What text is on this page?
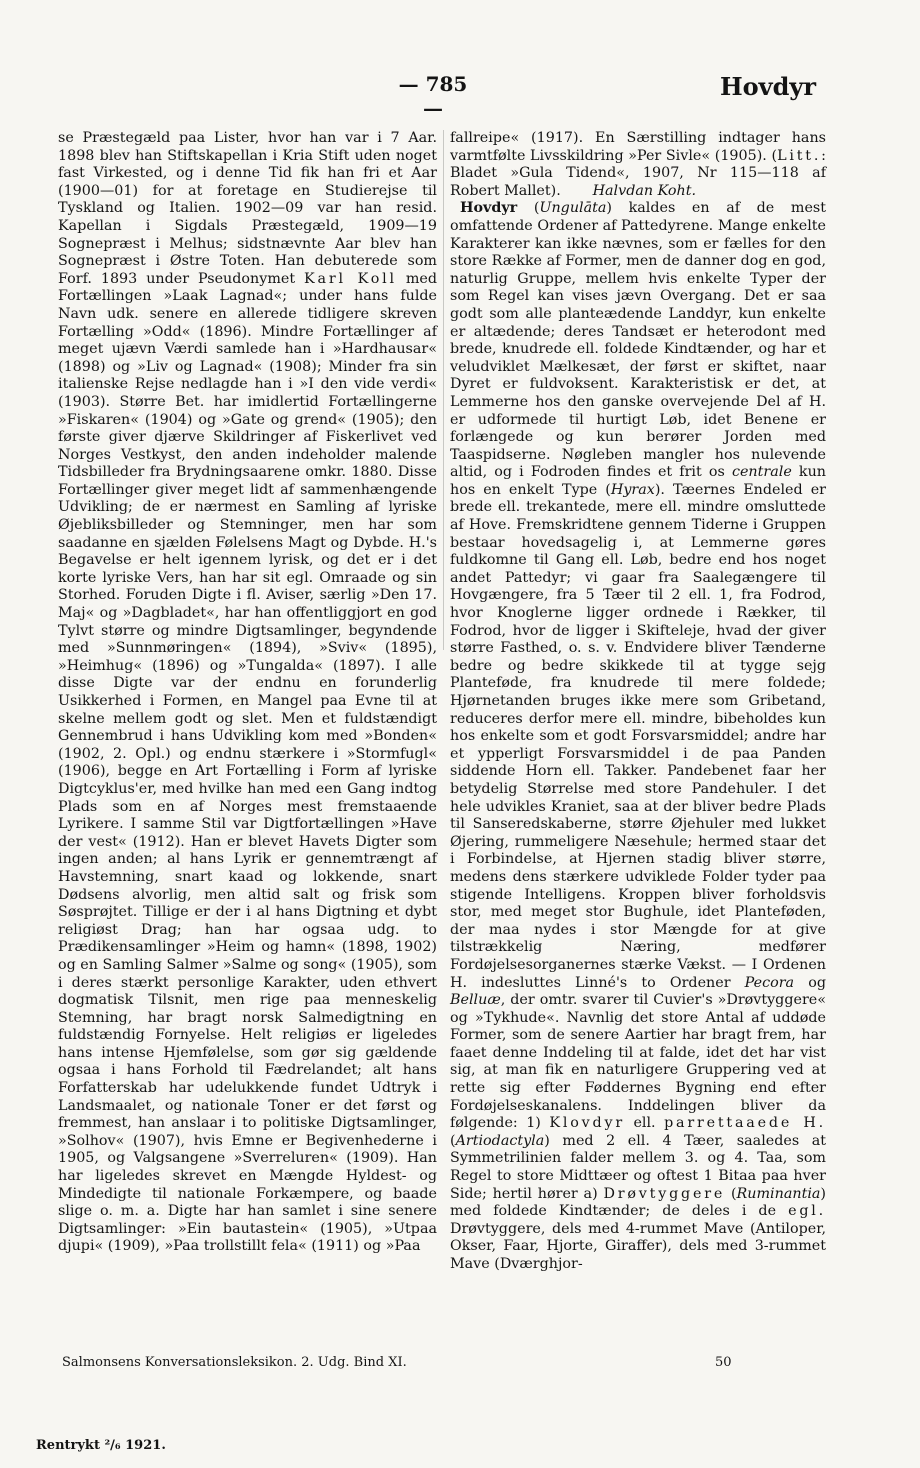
— 785 —
Hovdyr

se Præstegæld paa Lister, hvor han var i 7 Aar. 1898 blev han Stiftskapellan i Kria Stift uden noget fast Virkested, og i denne Tid fik han fri et Aar (1900—01) for at foretage en Studierejse til Tyskland og Italien. 1902—09 var han resid. Kapellan i Sigdals Præstegæld, 1909—19 Sognepræst i Melhus; sidstnævnte Aar blev han Sognepræst i Østre Toten. Han debuterede som Forf. 1893 under Pseudonymet Karl Koll med Fortællingen »Laak Lagnad«; under hans fulde Navn udk. senere en allerede tidligere skreven Fortælling »Odd« (1896). Mindre Fortællinger af meget ujævn Værdi samlede han i »Hardhausar« (1898) og »Liv og Lagnad« (1908); Minder fra sin italienske Rejse nedlagde han i »I den vide verdi« (1903). Større Bet. har imidlertid Fortællingerne »Fiskaren« (1904) og »Gate og grend« (1905); den første giver djærve Skildringer af Fiskerlivet ved Norges Vestkyst, den anden indeholder malende Tidsbilleder fra Brydningsaarene omkr. 1880. Disse Fortællinger giver meget lidt af sammenhængende Udvikling; de er nærmest en Samling af lyriske Øjebliksbilleder og Stemninger, men har som saadanne en sjælden Følelsens Magt og Dybde. H.'s Begavelse er helt igennem lyrisk, og det er i det korte lyriske Vers, han har sit egl. Omraade og sin Storhed. Foruden Digte i fl. Aviser, særlig »Den 17. Maj« og »Dagbladet«, har han offentliggjort en god Tylvt større og mindre Digtsamlinger, begyndende med »Sunnmøringen« (1894), »Sviv« (1895), »Heimhug« (1896) og »Tungalda« (1897). I alle disse Digte var der endnu en forunderlig Usikkerhed i Formen, en Mangel paa Evne til at skelne mellem godt og slet. Men et fuldstændigt Gennembrud i hans Udvikling kom med »Bonden« (1902, 2. Opl.) og endnu stærkere i »Stormfugl« (1906), begge en Art Fortælling i Form af lyriske Digtcyklus'er, med hvilke han med een Gang indtog Plads som en af Norges mest fremstaaende Lyrikere. I samme Stil var Digtfortællingen »Have der vest« (1912). Han er blevet Havets Digter som ingen anden; al hans Lyrik er gennemtrængt af Havstemning, snart kaad og lokkende, snart Dødsens alvorlig, men altid salt og frisk som Søsprøjtet. Tillige er der i al hans Digtning et dybt religiøst Drag; han har ogsaa udg. to Prædikensamlinger »Heim og hamn« (1898, 1902) og en Samling Salmer »Salme og song« (1905), som i deres stærkt personlige Karakter, uden ethvert dogmatisk Tilsnit, men rige paa menneskelig Stemning, har bragt norsk Salmedigtning en fuldstændig Fornyelse. Helt religiøs er ligeledes hans intense Hjemfølelse, som gør sig gældende ogsaa i hans Forhold til Fædrelandet; alt hans Forfatterskab har udelukkende fundet Udtryk i Landsmaalet, og nationale Toner er det først og fremmest, han anslaar i to politiske Digtsamlinger, »Solhov« (1907), hvis Emne er Begivenhederne i 1905, og Valgsangene »Sverreluren« (1909). Han har ligeledes skrevet en Mængde Hyldest- og Mindedigte til nationale Forkæmpere, og baade slige o. m. a. Digte har han samlet i sine senere Digtsamlinger: »Ein bautastein« (1905), »Utpaa djupi« (1909), »Paa trollstillt fela« (1911) og »Paa

fallreipe« (1917). En Særstilling indtager hans varmtfølte Livsskildring »Per Sivle« (1905). (Litt.: Bladet »Gula Tidend«, 1907, Nr 115—118 af Robert Mallet). Halvdan Koht.

Hovdyr (Ungulāta) kaldes en af de mest omfattende Ordener af Pattedyrene. Mange enkelte Karakterer kan ikke nævnes, som er fælles for den store Række af Former, men de danner dog en god, naturlig Gruppe, mellem hvis enkelte Typer der som Regel kan vises jævn Overgang. Det er saa godt som alle planteædende Landdyr, kun enkelte er altædende; deres Tandsæt er heterodont med brede, knudrede ell. foldede Kindtænder, og har et veludviklet Mælkesæt, der først er skiftet, naar Dyret er fuldvoksent. Karakteristisk er det, at Lemmerne hos den ganske overvejende Del af H. er udformede til hurtigt Løb, idet Benene er forlængede og kun berører Jorden med Taaspidserne. Nøgleben mangler hos nulevende altid, og i Fodroden findes et frit os centrale kun hos en enkelt Type (Hyrax). Tæernes Endeled er brede ell. trekantede, mere ell. mindre omsluttede af Hove. Fremskridtene gennem Tiderne i Gruppen bestaar hovedsagelig i, at Lemmerne gøres fuldkomne til Gang ell. Løb, bedre end hos noget andet Pattedyr; vi gaar fra Saalegængere til Hovgængere, fra 5 Tæer til 2 ell. 1, fra Fodrod, hvor Knoglerne ligger ordnede i Rækker, til Fodrod, hvor de ligger i Skifteleje, hvad der giver større Fasthed, o. s. v. Endvidere bliver Tænderne bedre og bedre skikkede til at tygge sejg Planteføde, fra knudrede til mere foldede; Hjørnetanden bruges ikke mere som Gribetand, reduceres derfor mere ell. mindre, bibeholdes kun hos enkelte som et godt Forsvarsmiddel; andre har et ypperligt Forsvarsmiddel i de paa Panden siddende Horn ell. Takker. Pandebenet faar her betydelig Størrelse med store Pandehuler. I det hele udvikles Kraniet, saa at der bliver bedre Plads til Sanseredskaberne, større Øjehuler med lukket Øjering, rummeligere Næsehule; hermed staar det i Forbindelse, at Hjernen stadig bliver større, medens dens stærkere udviklede Folder tyder paa stigende Intelligens. Kroppen bliver forholdsvis stor, med meget stor Bughule, idet Planteføden, der maa nydes i stor Mængde for at give tilstrækkelig Næring, medfører Fordøjelsesorganernes stærke Vækst. — I Ordenen H. indesluttes Linné's to Ordener Pecora og Belluæ, der omtr. svarer til Cuvier's »Drøvtyggere« og »Tykhude«. Navnlig det store Antal af uddøde Former, som de senere Aartier har bragt frem, har faaet denne Inddeling til at falde, idet det har vist sig, at man fik en naturligere Gruppering ved at rette sig efter Føddernes Bygning end efter Fordøjelseskanalens. Inddelingen bliver da følgende: 1) Klovdyr ell. parrettaaede H. (Artiodactyla) med 2 ell. 4 Tæer, saaledes at Symmetrilinien falder mellem 3. og 4. Taa, som Regel to store Midttæer og oftest 1 Bitaa paa hver Side; hertil hører a) Drøvtyggere (Ruminantia) med foldede Kindtænder; de deles i de egl. Drøvtyggere, dels med 4-rummet Mave (Antiloper, Okser, Faar, Hjorte, Giraffer), dels med 3-rummet Mave (Dværghjor-

Salmonsens Konversationsleksikon. 2. Udg. Bind XI.	50
Rentrykt ²/₆ 1921.
